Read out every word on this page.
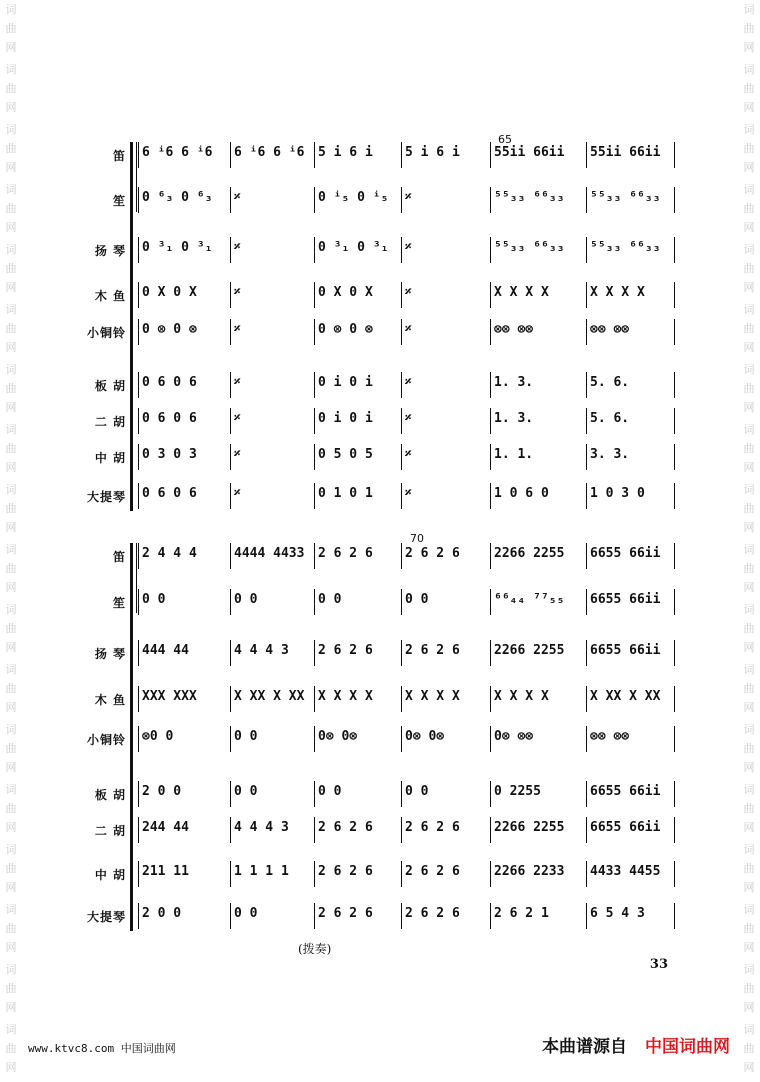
词
曲
网
词
曲
网
词
曲
网
词
曲
网
词
曲
网
词
曲
网
词
曲
网
词
曲
网
词
曲
网
词
曲
网
词
曲
网
词
曲
网
词
曲
网
词
曲
网
词
曲
网
词
曲
网
词
曲
网
词
曲
网
词
曲
网
词
曲
网
词
曲
网
词
曲
网
词
曲
网
词
曲
网
词
曲
网
词
曲
网
词
曲
网
词
曲
网
词
曲
网
词
曲
网
词
曲
网
词
曲
网
词
曲
网
词
曲
网
词
曲
网
词
曲
网
笛 6 ⁱ6 6 ⁱ6	6 ⁱ6 6 ⁱ6	5 i 6 i	5 i 6 i	55ii 66ii	55ii 66ii
笙 0 ⁶₃ 0 ⁶₃	𝄎	0 ⁱ₅ 0 ⁱ₅	𝄎	⁵⁵₃₃ ⁶⁶₃₃	⁵⁵₃₃ ⁶⁶₃₃
扬 琴 0 ³₁ 0 ³₁	𝄎	0 ³₁ 0 ³₁	𝄎	⁵⁵₃₃ ⁶⁶₃₃	⁵⁵₃₃ ⁶⁶₃₃
木 鱼 0 X 0 X	𝄎	0 X 0 X	𝄎	X X X X	X X X X
小铜铃 0 ⊗ 0 ⊗	𝄎	0 ⊗ 0 ⊗	𝄎	⊗⊗ ⊗⊗	⊗⊗ ⊗⊗
板 胡 0 6 0 6	𝄎	0 i 0 i	𝄎	1. 3.	5. 6.
二 胡 0 6 0 6	𝄎	0 i 0 i	𝄎	1. 3.	5. 6.
中 胡 0 3 0 3	𝄎	0 5 0 5	𝄎	1. 1.	3. 3.
大提琴 0 6 0 6	𝄎	0 1 0 1	𝄎	1 0 6 0	1 0 3 0
笛 2 4 4 4	4444 4433	2 6 2 6	2 6 2 6	2266 2255	6655 66ii
笙 0 0	0 0	0 0	0 0	⁶⁶₄₄ ⁷⁷₅₅	6655 66ii
扬 琴 444 44	4 4 4 3	2 6 2 6	2 6 2 6	2266 2255	6655 66ii
木 鱼 XXX XXX	X XX X XX	X X X X	X X X X	X X X X	X XX X XX
小铜铃 ⊗0 0	0 0	0⊗ 0⊗	0⊗ 0⊗	0⊗ ⊗⊗	⊗⊗ ⊗⊗
板 胡 2 0 0	0 0	0 0	0 0	0 2255	6655 66ii
二 胡 244 44	4 4 4 3	2 6 2 6	2 6 2 6	2266 2255	6655 66ii
中 胡 211 11	1 1 1 1	2 6 2 6	2 6 2 6	2266 2233	4433 4455
大提琴 2 0 0	0 0	2 6 2 6	2 6 2 6	2 6 2 1	6 5 4 3
65
70
(拨奏)
33
www.ktvc8.com 中国词曲网	本曲谱源自 中国词曲网
